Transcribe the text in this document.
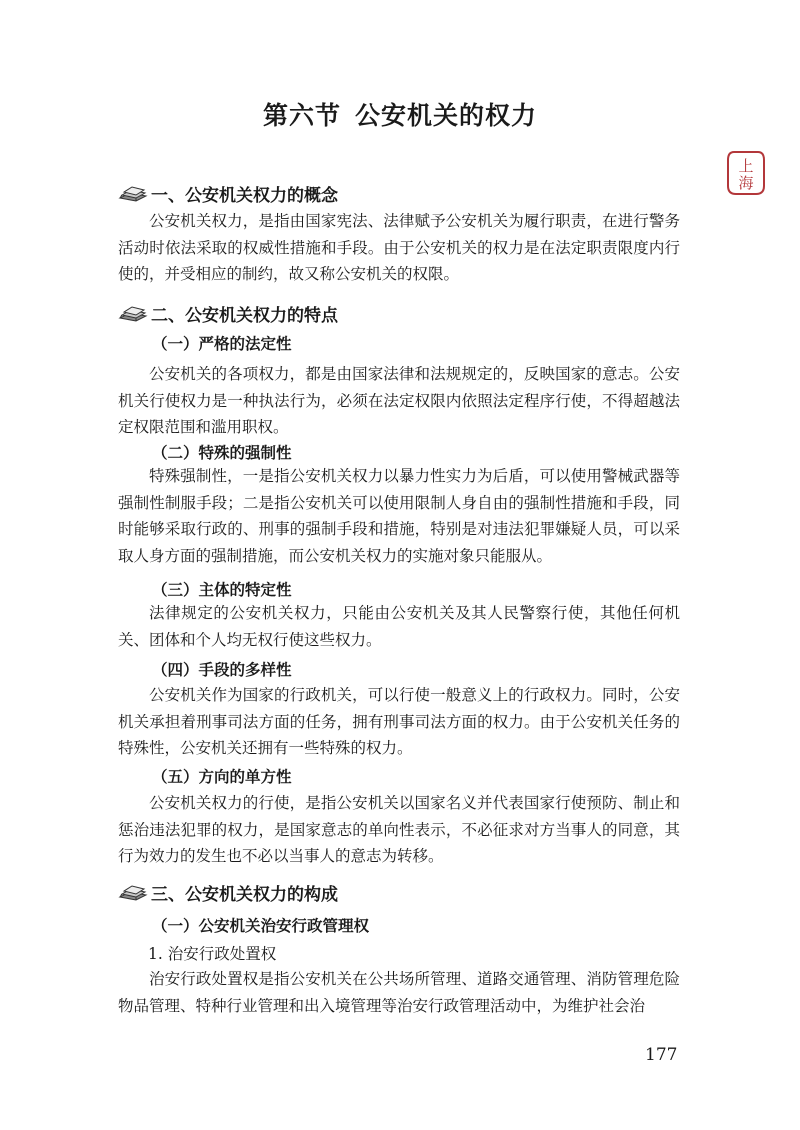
第六节 公安机关的权力
上
海
一、公安机关权力的概念

公安机关权力，是指由国家宪法、法律赋予公安机关为履行职责，在进行警务活动时依法采取的权威性措施和手段。由于公安机关的权力是在法定职责限度内行使的，并受相应的制约，故又称公安机关的权限。

二、公安机关权力的特点
（一）严格的法定性

公安机关的各项权力，都是由国家法律和法规规定的，反映国家的意志。公安机关行使权力是一种执法行为，必须在法定权限内依照法定程序行使，不得超越法定权限范围和滥用职权。

（二）特殊的强制性

特殊强制性，一是指公安机关权力以暴力性实力为后盾，可以使用警械武器等强制性制服手段；二是指公安机关可以使用限制人身自由的强制性措施和手段，同时能够采取行政的、刑事的强制手段和措施，特别是对违法犯罪嫌疑人员，可以采取人身方面的强制措施，而公安机关权力的实施对象只能服从。

（三）主体的特定性

法律规定的公安机关权力，只能由公安机关及其人民警察行使，其他任何机关、团体和个人均无权行使这些权力。

（四）手段的多样性

公安机关作为国家的行政机关，可以行使一般意义上的行政权力。同时，公安机关承担着刑事司法方面的任务，拥有刑事司法方面的权力。由于公安机关任务的特殊性，公安机关还拥有一些特殊的权力。

（五）方向的单方性

公安机关权力的行使，是指公安机关以国家名义并代表国家行使预防、制止和惩治违法犯罪的权力，是国家意志的单向性表示，不必征求对方当事人的同意，其行为效力的发生也不必以当事人的意志为转移。

三、公安机关权力的构成
（一）公安机关治安行政管理权
1. 治安行政处置权

治安行政处置权是指公安机关在公共场所管理、道路交通管理、消防管理危险物品管理、特种行业管理和出入境管理等治安行政管理活动中，为维护社会治

177
